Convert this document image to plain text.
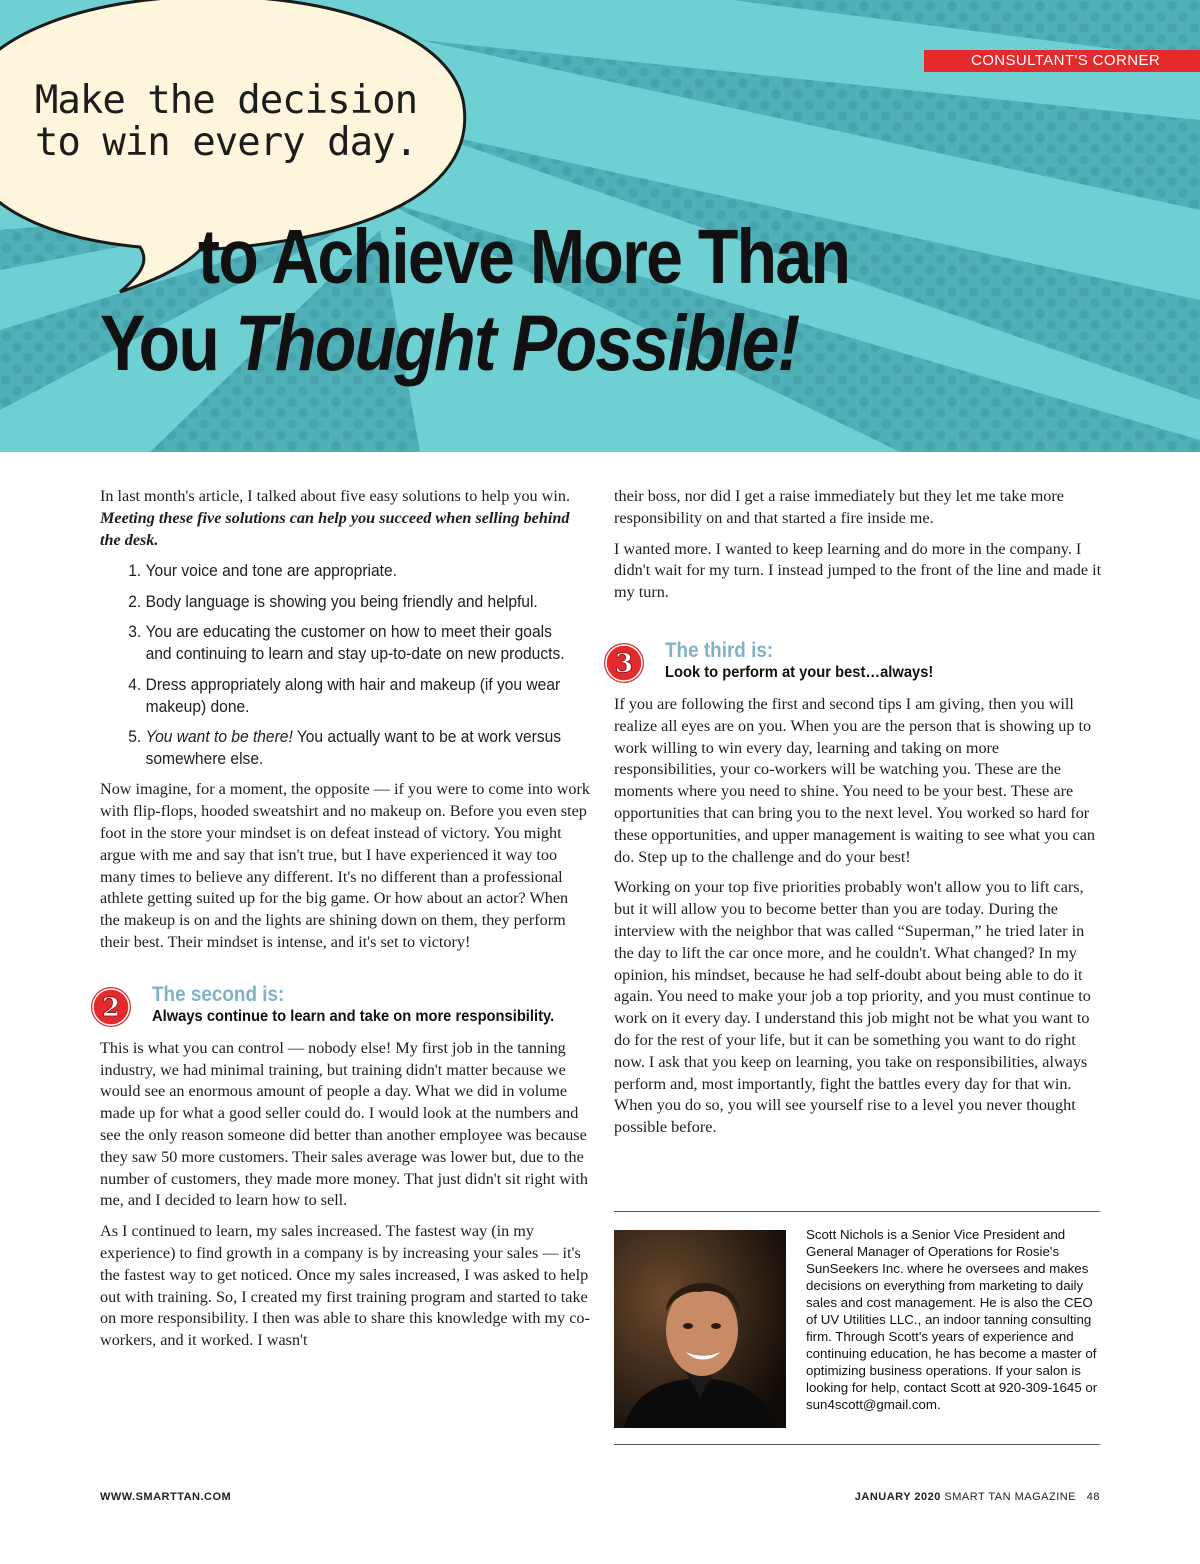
CONSULTANT'S CORNER
Make the decision
to win every day.
to Achieve More Than
You Thought Possible!

In last month's article, I talked about five easy solutions to help you win. Meeting these five solutions can help you succeed when selling behind the desk.

1. Your voice and tone are appropriate.
2. Body language is showing you being friendly and helpful.
3. You are educating the customer on how to meet their goals and continuing to learn and stay up-to-date on new products.
4. Dress appropriately along with hair and makeup (if you wear makeup) done.
5. You want to be there! You actually want to be at work versus somewhere else.

Now imagine, for a moment, the opposite — if you were to come into work with flip-flops, hooded sweatshirt and no makeup on. Before you even step foot in the store your mindset is on defeat instead of victory. You might argue with me and say that isn't true, but I have experienced it way too many times to believe any different. It's no different than a professional athlete getting suited up for the big game. Or how about an actor? When the makeup is on and the lights are shining down on them, they perform their best. Their mindset is intense, and it's set to victory!

2 The second is:
Always continue to learn and take on more responsibility.

This is what you can control — nobody else! My first job in the tanning industry, we had minimal training, but training didn't matter because we would see an enormous amount of people a day. What we did in volume made up for what a good seller could do. I would look at the numbers and see the only reason someone did better than another employee was because they saw 50 more customers. Their sales average was lower but, due to the number of customers, they made more money. That just didn't sit right with me, and I decided to learn how to sell.

As I continued to learn, my sales increased. The fastest way (in my experience) to find growth in a company is by increasing your sales — it's the fastest way to get noticed. Once my sales increased, I was asked to help out with training. So, I created my first training program and started to take on more responsibility. I then was able to share this knowledge with my co-workers, and it worked. I wasn't

their boss, nor did I get a raise immediately but they let me take more responsibility on and that started a fire inside me.

I wanted more. I wanted to keep learning and do more in the company. I didn't wait for my turn. I instead jumped to the front of the line and made it my turn.

3 The third is:
Look to perform at your best…always!

If you are following the first and second tips I am giving, then you will realize all eyes are on you. When you are the person that is showing up to work willing to win every day, learning and taking on more responsibilities, your co-workers will be watching you. These are the moments where you need to shine. You need to be your best. These are opportunities that can bring you to the next level. You worked so hard for these opportunities, and upper management is waiting to see what you can do. Step up to the challenge and do your best!

Working on your top five priorities probably won't allow you to lift cars, but it will allow you to become better than you are today. During the interview with the neighbor that was called “Superman,” he tried later in the day to lift the car once more, and he couldn't. What changed? In my opinion, his mindset, because he had self-doubt about being able to do it again. You need to make your job a top priority, and you must continue to work on it every day. I understand this job might not be what you want to do for the rest of your life, but it can be something you want to do right now. I ask that you keep on learning, you take on responsibilities, always perform and, most importantly, fight the battles every day for that win. When you do so, you will see yourself rise to a level you never thought possible before.

Scott Nichols is a Senior Vice President and General Manager of Operations for Rosie's SunSeekers Inc. where he oversees and makes decisions on everything from marketing to daily sales and cost management. He is also the CEO of UV Utilities LLC., an indoor tanning consulting firm. Through Scott's years of experience and continuing education, he has become a master of optimizing business operations. If your salon is looking for help, contact Scott at 920-309-1645 or sun4scott@gmail.com.
WWW.SMARTTAN.COM	JANUARY 2020 SMART TAN MAGAZINE 48
